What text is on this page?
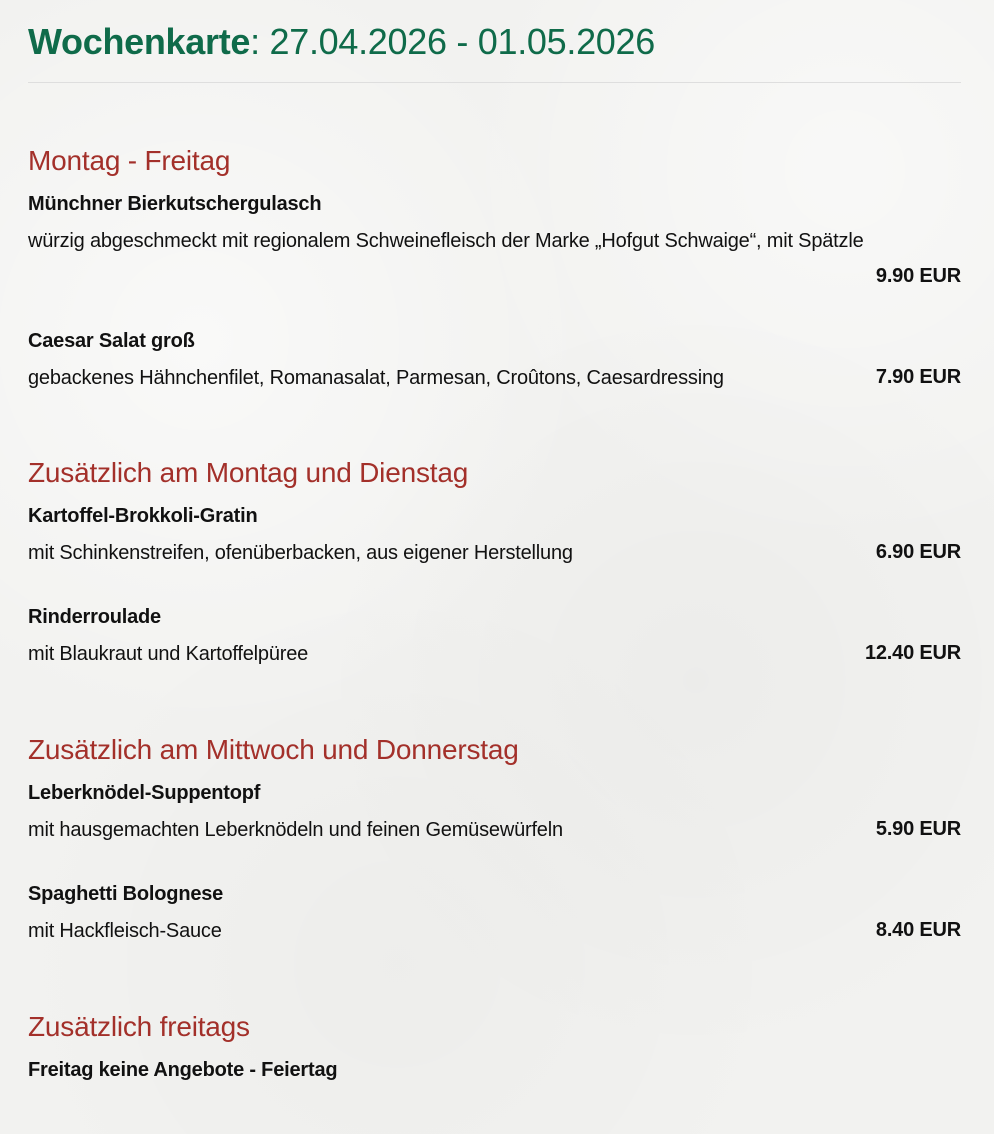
Wochenkarte: 27.04.2026 - 01.05.2026
Montag - Freitag
Münchner Bierkutschergulasch
würzig abgeschmeckt mit regionalem Schweinefleisch der Marke „Hofgut Schwaige“, mit Spätzle
9.90 EUR
Caesar Salat groß
gebackenes Hähnchenfilet, Romanasalat, Parmesan, Croûtons, Caesardressing	7.90 EUR
Zusätzlich am Montag und Dienstag
Kartoffel-Brokkoli-Gratin
mit Schinkenstreifen, ofenüberbacken, aus eigener Herstellung	6.90 EUR
Rinderroulade
mit Blaukraut und Kartoffelpüree	12.40 EUR
Zusätzlich am Mittwoch und Donnerstag
Leberknödel-Suppentopf
mit hausgemachten Leberknödeln und feinen Gemüsewürfeln	5.90 EUR
Spaghetti Bolognese
mit Hackfleisch-Sauce	8.40 EUR
Zusätzlich freitags
Freitag keine Angebote - Feiertag
